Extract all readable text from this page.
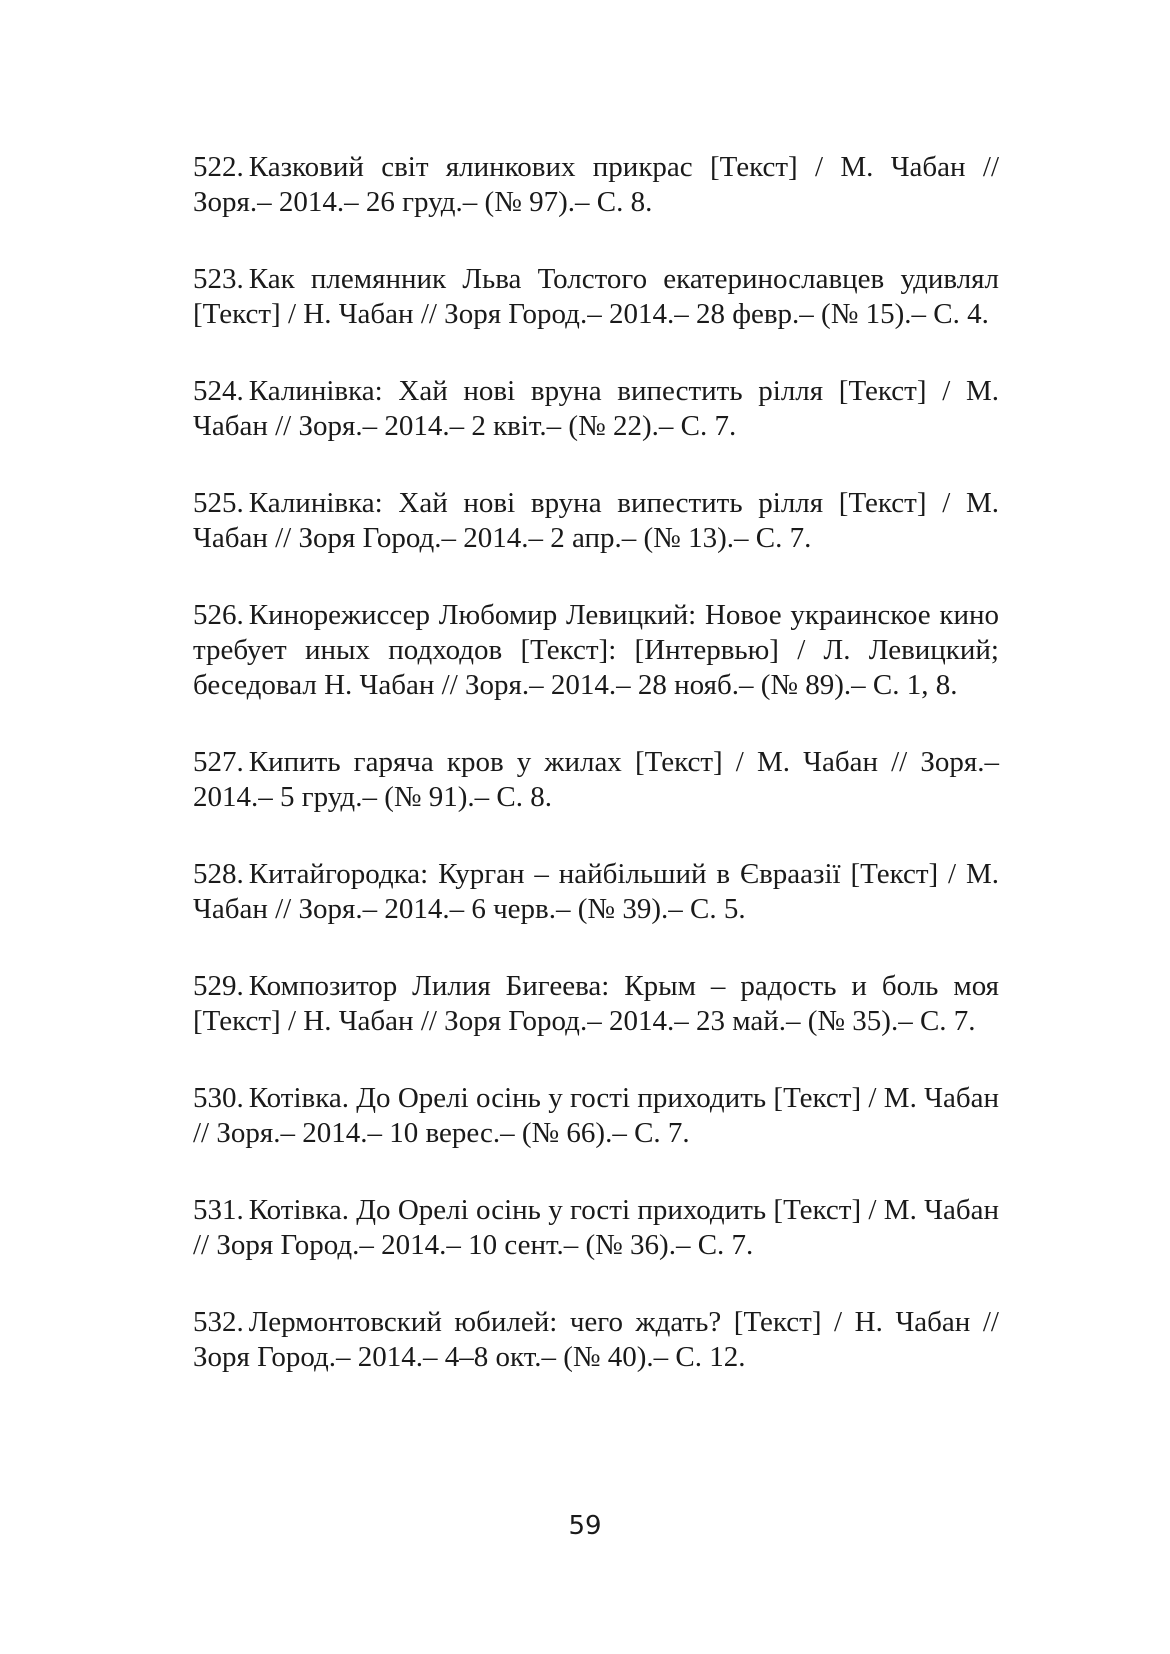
522. Казковий світ ялинкових прикрас [Текст] / М. Чабан // Зоря.– 2014.– 26 груд.– (№ 97).– С. 8.

523. Как племянник Льва Толстого екатеринославцев удивлял [Текст] / Н. Чабан // Зоря Город.– 2014.– 28 февр.– (№ 15).– С. 4.

524. Калинівка: Хай нові вруна випестить рілля [Текст] / М. Чабан // Зоря.– 2014.– 2 квіт.– (№ 22).– С. 7.

525. Калинівка: Хай нові вруна випестить рілля [Текст] / М. Чабан // Зоря Город.– 2014.– 2 апр.– (№ 13).– С. 7.

526. Кинорежиссер Любомир Левицкий: Новое украинское кино требует иных подходов [Текст]: [Интервью] / Л. Левицкий; беседовал Н. Чабан // Зоря.– 2014.– 28 нояб.– (№ 89).– С. 1, 8.

527. Кипить гаряча кров у жилах [Текст] / М. Чабан // Зоря.– 2014.– 5 груд.– (№ 91).– С. 8.

528. Китайгородка: Курган – найбільший в Євраазії [Текст] / М. Чабан // Зоря.– 2014.– 6 черв.– (№ 39).– С. 5.

529. Композитор Лилия Бигеева: Крым – радость и боль моя [Текст] / Н. Чабан // Зоря Город.– 2014.– 23 май.– (№ 35).– С. 7.

530. Котівка. До Орелі осінь у гості приходить [Текст] / М. Чабан // Зоря.– 2014.– 10 верес.– (№ 66).– С. 7.

531. Котівка. До Орелі осінь у гості приходить [Текст] / М. Чабан // Зоря Город.– 2014.– 10 сент.– (№ 36).– С. 7.

532. Лермонтовский юбилей: чего ждать? [Текст] / Н. Чабан // Зоря Город.– 2014.– 4–8 окт.– (№ 40).– С. 12.

59
